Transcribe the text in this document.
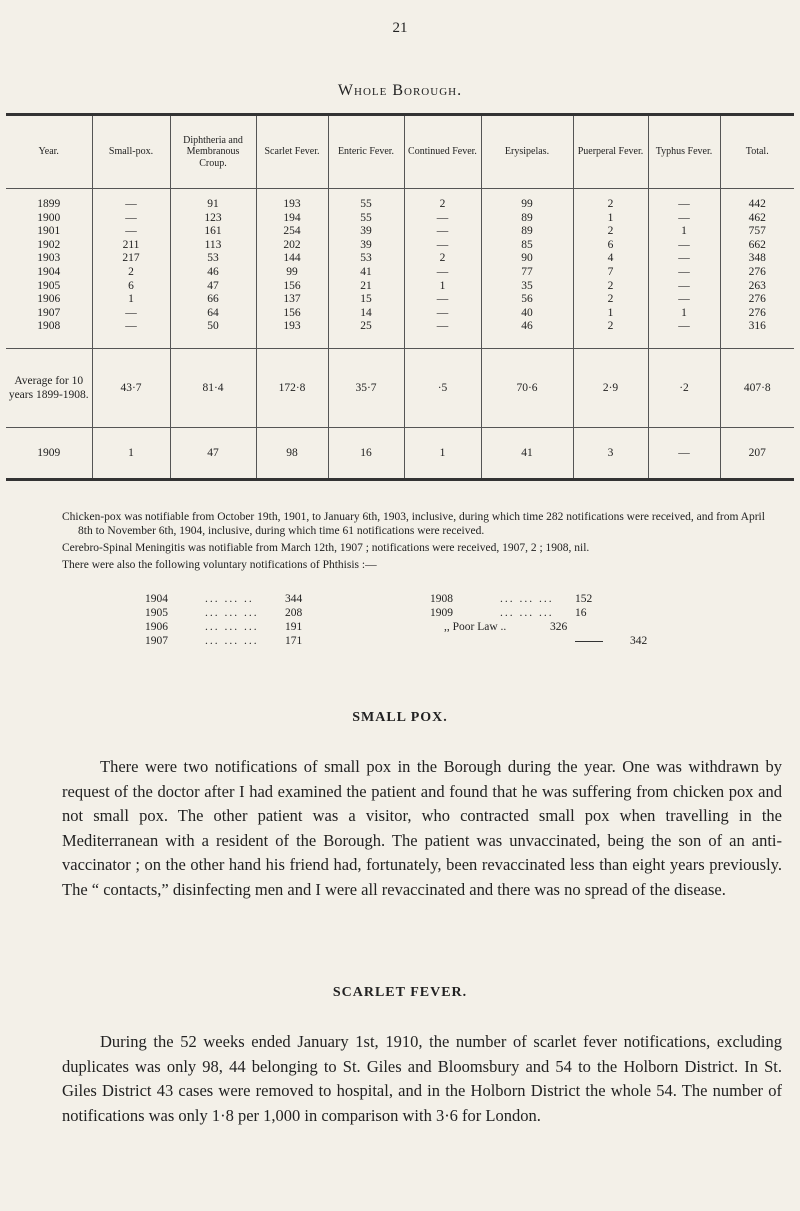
21
Whole Borough.
Year.	Small-pox.	Diphtheria and Membranous Croup.	Scarlet Fever.	Enteric Fever.	Continued Fever.	Erysipelas.	Puerperal Fever.	Typhus Fever.	Total.
1899	—	91	193	55	2	99	2	—	442
1900	—	123	194	55	—	89	1	—	462
1901	—	161	254	39	—	89	2	1	757
1902	211	113	202	39	—	85	6	—	662
1903	217	53	144	53	2	90	4	—	348
1904	2	46	99	41	—	77	7	—	276
1905	6	47	156	21	1	35	2	—	263
1906	1	66	137	15	—	56	2	—	276
1907	—	64	156	14	—	40	1	1	276
1908	—	50	193	25	—	46	2	—	316
Average for 10 years 1899-1908.	43·7	81·4	172·8	35·7	·5	70·6	2·9	·2	407·8
1909	1	47	98	16	1	41	3	—	207

Chicken-pox was notifiable from October 19th, 1901, to January 6th, 1903, inclusive, during which time 282 notifications were received, and from April 8th to November 6th, 1904, inclusive, during which time 61 notifications were received.

Cerebro-Spinal Meningitis was notifiable from March 12th, 1907 ; notifications were received, 1907, 2 ; 1908, nil.

There were also the following voluntary notifications of Phthisis :—

1904	... ... ..	344	1908	... ... ...	152
1905	... ... ...	208	1909	... ... ...	16
1906	... ... ...	191	,, Poor Law ..	326
1907	... ... ...	171	342
SMALL POX.

There were two notifications of small pox in the Borough during the year. One was withdrawn by request of the doctor after I had examined the patient and found that he was suffering from chicken pox and not small pox. The other patient was a visitor, who contracted small pox when travelling in the Mediterranean with a resident of the Borough. The patient was unvaccinated, being the son of an anti-vaccinator ; on the other hand his friend had, fortunately, been revaccinated less than eight years previously. The “ contacts,” disinfecting men and I were all revaccinated and there was no spread of the disease.

SCARLET FEVER.

During the 52 weeks ended January 1st, 1910, the number of scarlet fever notifications, excluding duplicates was only 98, 44 belonging to St. Giles and Bloomsbury and 54 to the Holborn District. In St. Giles District 43 cases were removed to hospital, and in the Holborn District the whole 54. The number of notifications was only 1·8 per 1,000 in comparison with 3·6 for London.
